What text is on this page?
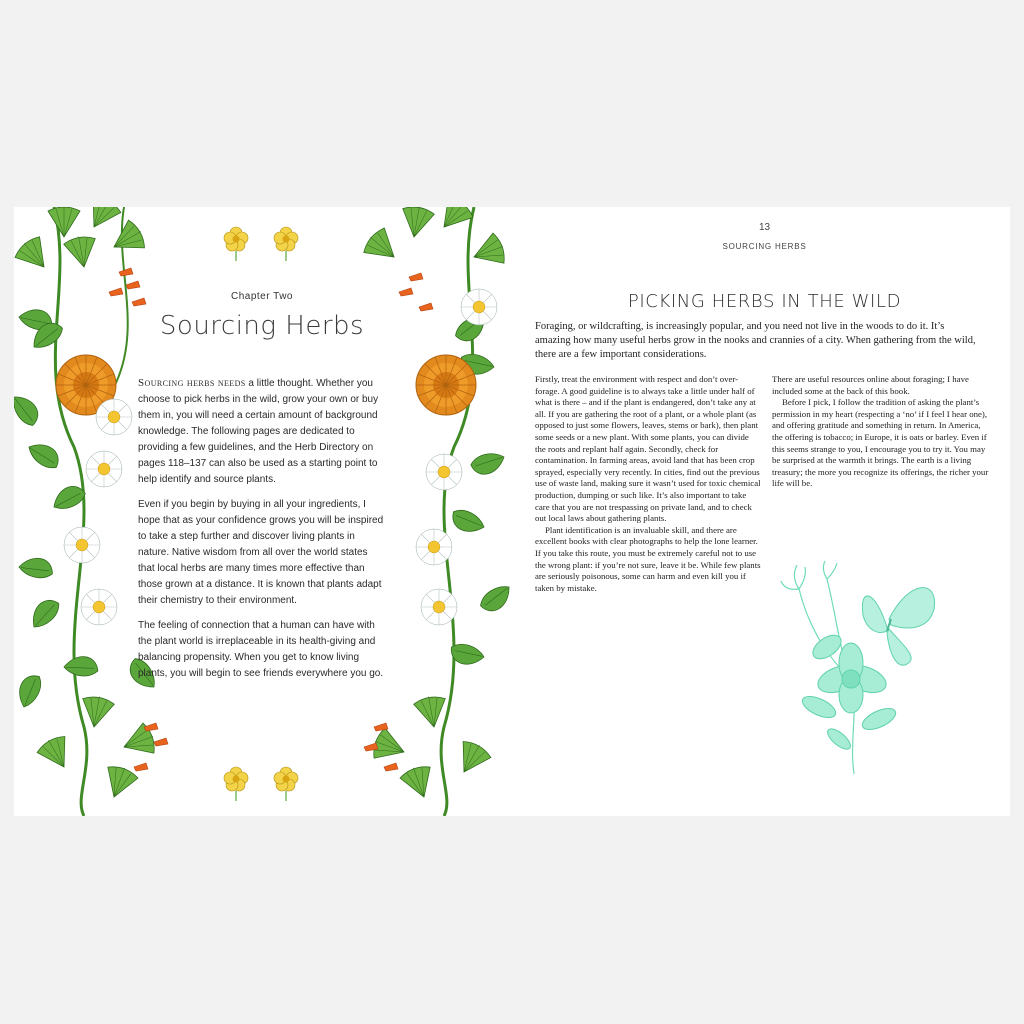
Chapter Two
Sourcing Herbs

Sourcing herbs needs a little thought. Whether you choose to pick herbs in the wild, grow your own or buy them in, you will need a certain amount of background knowledge. The following pages are dedicated to providing a few guidelines, and the Herb Directory on pages 118–137 can also be used as a starting point to help identify and source plants.

Even if you begin by buying in all your ingredients, I hope that as your confidence grows you will be inspired to take a step further and discover living plants in nature. Native wisdom from all over the world states that local herbs are many times more effective than those grown at a distance. It is known that plants adapt their chemistry to their environment.

The feeling of connection that a human can have with the plant world is irreplaceable in its health-giving and balancing propensity. When you get to know living plants, you will begin to see friends everywhere you go.

13
SOURCING HERBS
PICKING HERBS IN THE WILD
Foraging, or wildcrafting, is increasingly popular, and you need not live in the woods to do it. It’s amazing how many useful herbs grow in the nooks and crannies of a city. When gathering from the wild, there are a few important considerations.

Firstly, treat the environment with respect and don’t over-forage. A good guideline is to always take a little under half of what is there – and if the plant is endangered, don’t take any at all. If you are gathering the root of a plant, or a whole plant (as opposed to just some flowers, leaves, stems or bark), then plant some seeds or a new plant. With some plants, you can divide the roots and replant half again. Secondly, check for contamination. In farming areas, avoid land that has been crop sprayed, especially very recently. In cities, find out the previous use of waste land, making sure it wasn’t used for toxic chemical production, dumping or such like. It’s also important to take care that you are not trespassing on private land, and to check out local laws about gathering plants.

Plant identification is an invaluable skill, and there are excellent books with clear photographs to help the lone learner. If you take this route, you must be extremely careful not to use the wrong plant: if you’re not sure, leave it be. While few plants are seriously poisonous, some can harm and even kill you if taken by mistake.

There are useful resources online about foraging; I have included some at the back of this book.

Before I pick, I follow the tradition of asking the plant’s permission in my heart (respecting a ‘no’ if I feel I hear one), and offering gratitude and something in return. In America, the offering is tobacco; in Europe, it is oats or barley. Even if this seems strange to you, I encourage you to try it. You may be surprised at the warmth it brings. The earth is a living treasury; the more you recognize its offerings, the richer your life will be.
